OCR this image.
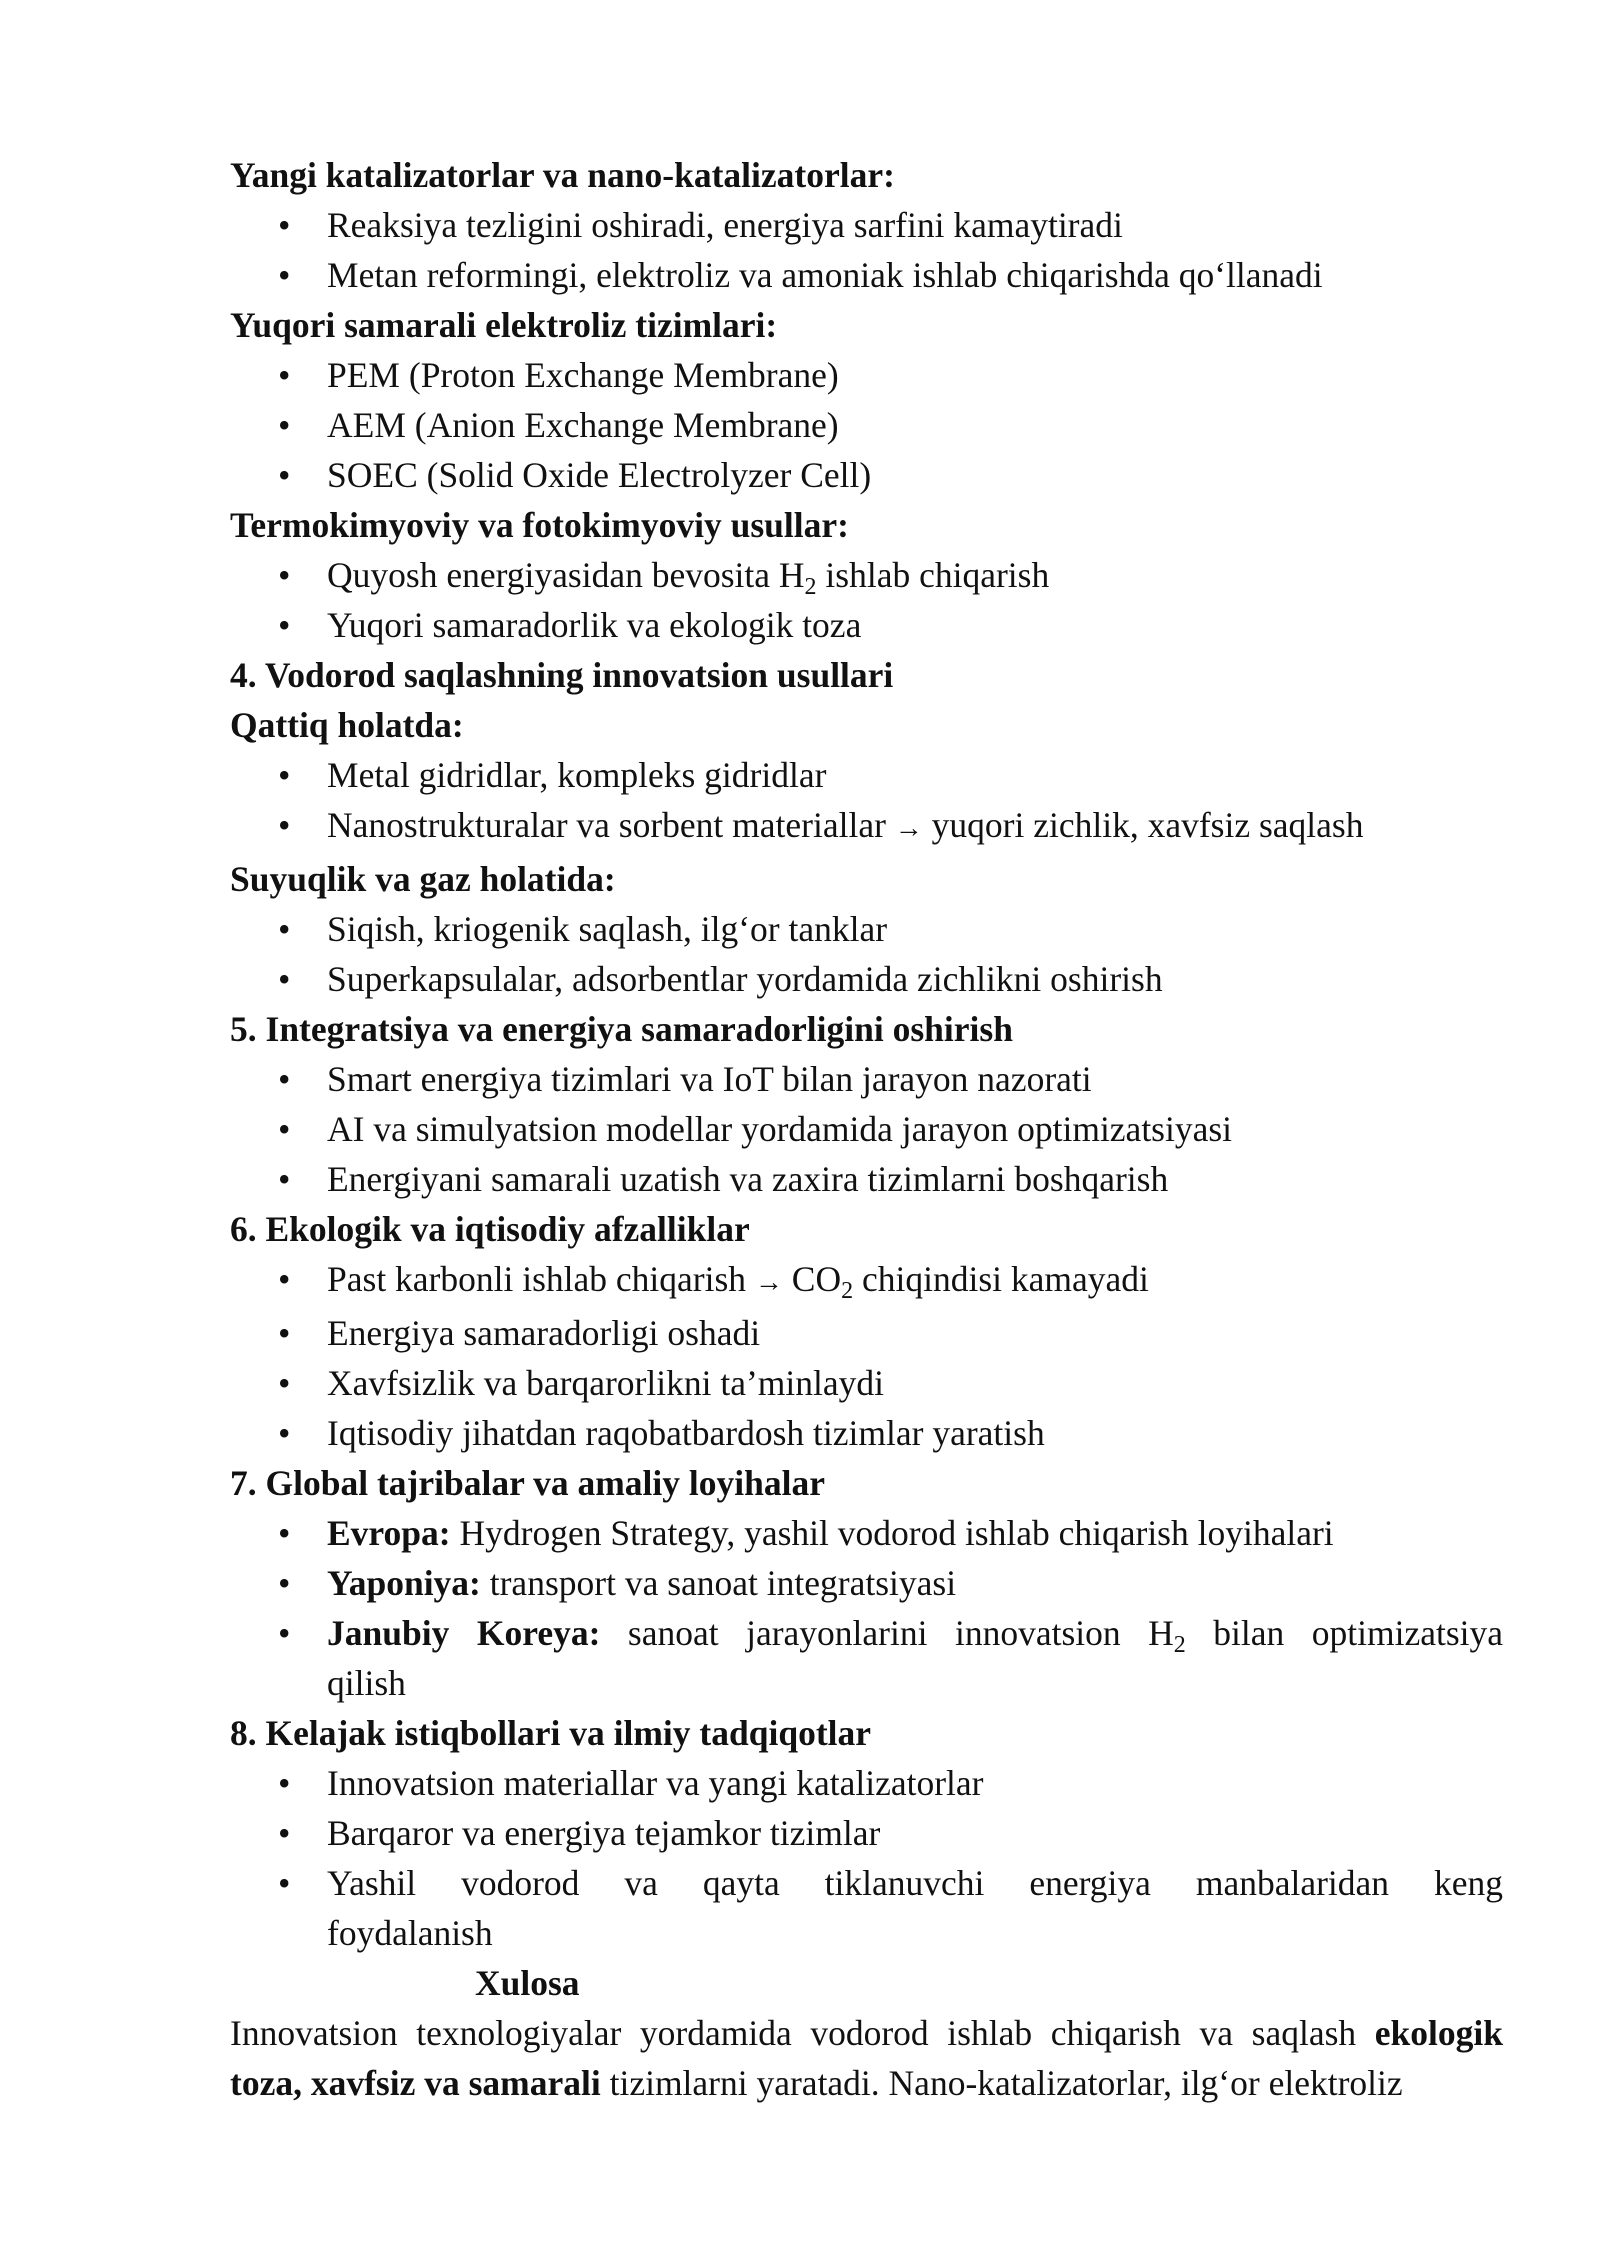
Yangi katalizatorlar va nano-katalizatorlar:

• Reaksiya tezligini oshiradi, energiya sarfini kamaytiradi
• Metan reformingi, elektroliz va amoniak ishlab chiqarishda qo‘llanadi

Yuqori samarali elektroliz tizimlari:

• PEM (Proton Exchange Membrane)
• AEM (Anion Exchange Membrane)
• SOEC (Solid Oxide Electrolyzer Cell)

Termokimyoviy va fotokimyoviy usullar:

• Quyosh energiyasidan bevosita $H_2$ ishlab chiqarish
• Yuqori samaradorlik va ekologik toza

4. Vodorod saqlashning innovatsion usullari

Qattiq holatda:

• Metal gidridlar, kompleks gidridlar
• Nanostrukturalar va sorbent materiallar → yuqori zichlik, xavfsiz saqlash

Suyuqlik va gaz holatida:

• Siqish, kriogenik saqlash, ilg‘or tanklar
• Superkapsulalar, adsorbentlar yordamida zichlikni oshirish

5. Integratsiya va energiya samaradorligini oshirish

• Smart energiya tizimlari va IoT bilan jarayon nazorati
• AI va simulyatsion modellar yordamida jarayon optimizatsiyasi
• Energiyani samarali uzatish va zaxira tizimlarni boshqarish

6. Ekologik va iqtisodiy afzalliklar

• Past karbonli ishlab chiqarish → $CO_2$ chiqindisi kamayadi
• Energiya samaradorligi oshadi
• Xavfsizlik va barqarorlikni ta’minlaydi
• Iqtisodiy jihatdan raqobatbardosh tizimlar yaratish

7. Global tajribalar va amaliy loyihalar

• Evropa: Hydrogen Strategy, yashil vodorod ishlab chiqarish loyihalari
• Yaponiya: transport va sanoat integratsiyasi
• Janubiy Koreya: sanoat jarayonlarini innovatsion $H_2$ bilan optimizatsiya
qilish

8. Kelajak istiqbollari va ilmiy tadqiqotlar

• Innovatsion materiallar va yangi katalizatorlar
• Barqaror va energiya tejamkor tizimlar
• Yashil vodorod va qayta tiklanuvchi energiya manbalaridan keng
foydalanish
Xulosa

Innovatsion texnologiyalar yordamida vodorod ishlab chiqarish va saqlash ekologik toza, xavfsiz va samarali tizimlarni yaratadi. Nano-katalizatorlar, ilg‘or elektroliz
